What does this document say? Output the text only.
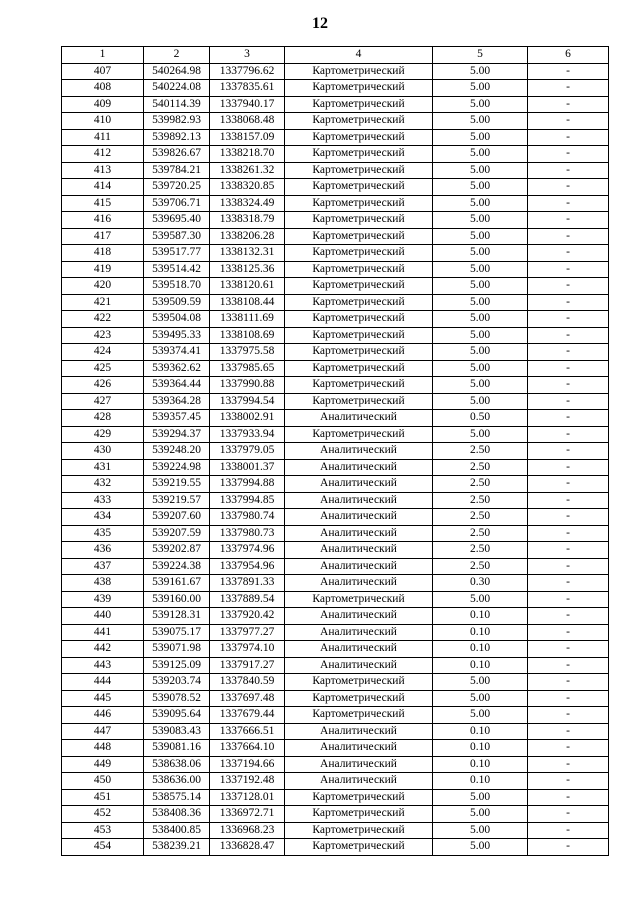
12
1	2	3	4	5	6
407	540264.98	1337796.62	Картометрический	5.00	-
408	540224.08	1337835.61	Картометрический	5.00	-
409	540114.39	1337940.17	Картометрический	5.00	-
410	539982.93	1338068.48	Картометрический	5.00	-
411	539892.13	1338157.09	Картометрический	5.00	-
412	539826.67	1338218.70	Картометрический	5.00	-
413	539784.21	1338261.32	Картометрический	5.00	-
414	539720.25	1338320.85	Картометрический	5.00	-
415	539706.71	1338324.49	Картометрический	5.00	-
416	539695.40	1338318.79	Картометрический	5.00	-
417	539587.30	1338206.28	Картометрический	5.00	-
418	539517.77	1338132.31	Картометрический	5.00	-
419	539514.42	1338125.36	Картометрический	5.00	-
420	539518.70	1338120.61	Картометрический	5.00	-
421	539509.59	1338108.44	Картометрический	5.00	-
422	539504.08	1338111.69	Картометрический	5.00	-
423	539495.33	1338108.69	Картометрический	5.00	-
424	539374.41	1337975.58	Картометрический	5.00	-
425	539362.62	1337985.65	Картометрический	5.00	-
426	539364.44	1337990.88	Картометрический	5.00	-
427	539364.28	1337994.54	Картометрический	5.00	-
428	539357.45	1338002.91	Аналитический	0.50	-
429	539294.37	1337933.94	Картометрический	5.00	-
430	539248.20	1337979.05	Аналитический	2.50	-
431	539224.98	1338001.37	Аналитический	2.50	-
432	539219.55	1337994.88	Аналитический	2.50	-
433	539219.57	1337994.85	Аналитический	2.50	-
434	539207.60	1337980.74	Аналитический	2.50	-
435	539207.59	1337980.73	Аналитический	2.50	-
436	539202.87	1337974.96	Аналитический	2.50	-
437	539224.38	1337954.96	Аналитический	2.50	-
438	539161.67	1337891.33	Аналитический	0.30	-
439	539160.00	1337889.54	Картометрический	5.00	-
440	539128.31	1337920.42	Аналитический	0.10	-
441	539075.17	1337977.27	Аналитический	0.10	-
442	539071.98	1337974.10	Аналитический	0.10	-
443	539125.09	1337917.27	Аналитический	0.10	-
444	539203.74	1337840.59	Картометрический	5.00	-
445	539078.52	1337697.48	Картометрический	5.00	-
446	539095.64	1337679.44	Картометрический	5.00	-
447	539083.43	1337666.51	Аналитический	0.10	-
448	539081.16	1337664.10	Аналитический	0.10	-
449	538638.06	1337194.66	Аналитический	0.10	-
450	538636.00	1337192.48	Аналитический	0.10	-
451	538575.14	1337128.01	Картометрический	5.00	-
452	538408.36	1336972.71	Картометрический	5.00	-
453	538400.85	1336968.23	Картометрический	5.00	-
454	538239.21	1336828.47	Картометрический	5.00	-
